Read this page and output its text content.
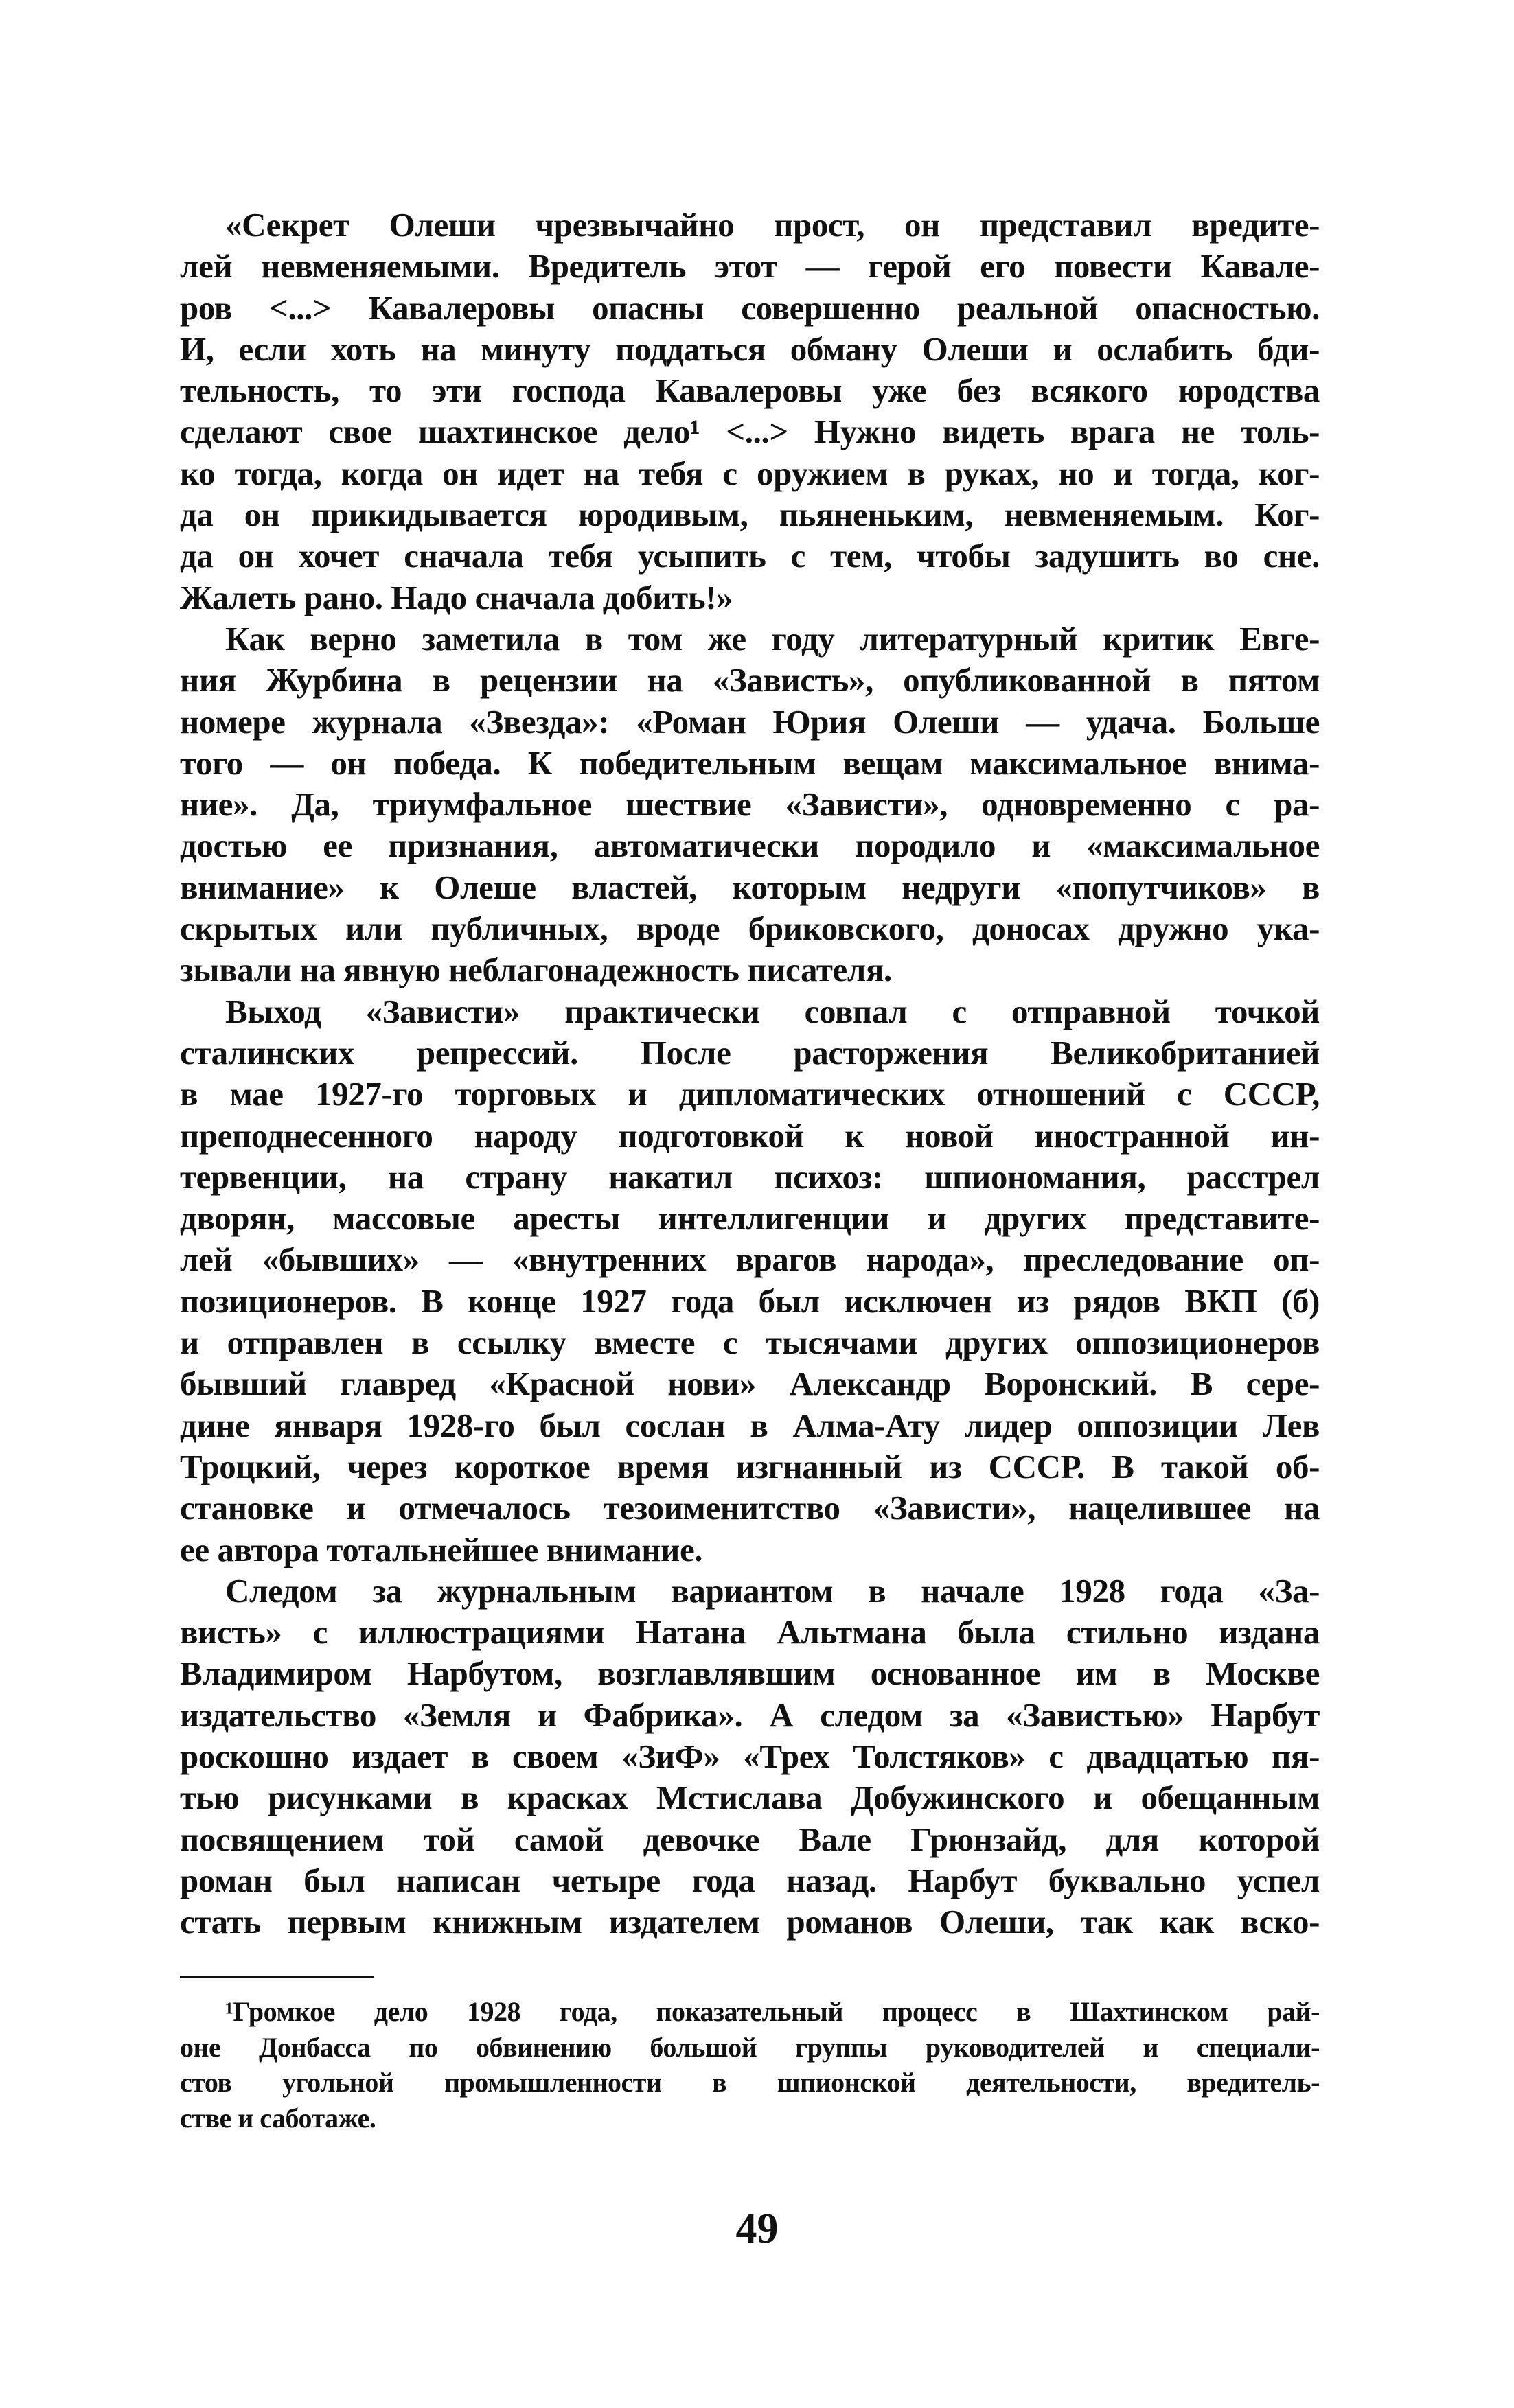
«Секрет Олеши чрезвычайно прост, он представил вредите-
лей невменяемыми. Вредитель этот — герой его повести Кавале-
ров <...> Кавалеровы опасны совершенно реальной опасностью.
И, если хоть на минуту поддаться обману Олеши и ослабить бди-
тельность, то эти господа Кавалеровы уже без всякого юродства
сделают свое шахтинское дело¹ <...> Нужно видеть врага не толь-
ко тогда, когда он идет на тебя с оружием в руках, но и тогда, ког-
да он прикидывается юродивым, пьяненьким, невменяемым. Ког-
да он хочет сначала тебя усыпить с тем, чтобы задушить во сне.
Жалеть рано. Надо сначала добить!»
Как верно заметила в том же году литературный критик Евге-
ния Журбина в рецензии на «Зависть», опубликованной в пятом
номере журнала «Звезда»: «Роман Юрия Олеши — удача. Больше
того — он победа. К победительным вещам максимальное внима-
ние». Да, триумфальное шествие «Зависти», одновременно с ра-
достью ее признания, автоматически породило и «максимальное
внимание» к Олеше властей, которым недруги «попутчиков» в
скрытых или публичных, вроде бриковского, доносах дружно ука-
зывали на явную неблагонадежность писателя.
Выход «Зависти» практически совпал с отправной точкой
сталинских репрессий. После расторжения Великобританией
в мае 1927-го торговых и дипломатических отношений с СССР,
преподнесенного народу подготовкой к новой иностранной ин-
тервенции, на страну накатил психоз: шпиономания, расстрел
дворян, массовые аресты интеллигенции и других представите-
лей «бывших» — «внутренних врагов народа», преследование оп-
позиционеров. В конце 1927 года был исключен из рядов ВКП (б)
и отправлен в ссылку вместе с тысячами других оппозиционеров
бывший главред «Красной нови» Александр Воронский. В сере-
дине января 1928-го был сослан в Алма-Ату лидер оппозиции Лев
Троцкий, через короткое время изгнанный из СССР. В такой об-
становке и отмечалось тезоименитство «Зависти», нацелившее на
ее автора тотальнейшее внимание.
Следом за журнальным вариантом в начале 1928 года «За-
висть» с иллюстрациями Натана Альтмана была стильно издана
Владимиром Нарбутом, возглавлявшим основанное им в Москве
издательство «Земля и Фабрика». А следом за «Завистью» Нарбут
роскошно издает в своем «ЗиФ» «Трех Толстяков» с двадцатью пя-
тью рисунками в красках Мстислава Добужинского и обещанным
посвящением той самой девочке Вале Грюнзайд, для которой
роман был написан четыре года назад. Нарбут буквально успел
стать первым книжным издателем романов Олеши, так как вско-
¹Громкое дело 1928 года, показательный процесс в Шахтинском рай-
оне Донбасса по обвинению большой группы руководителей и специали-
стов угольной промышленности в шпионской деятельности, вредитель-
стве и саботаже.
49
